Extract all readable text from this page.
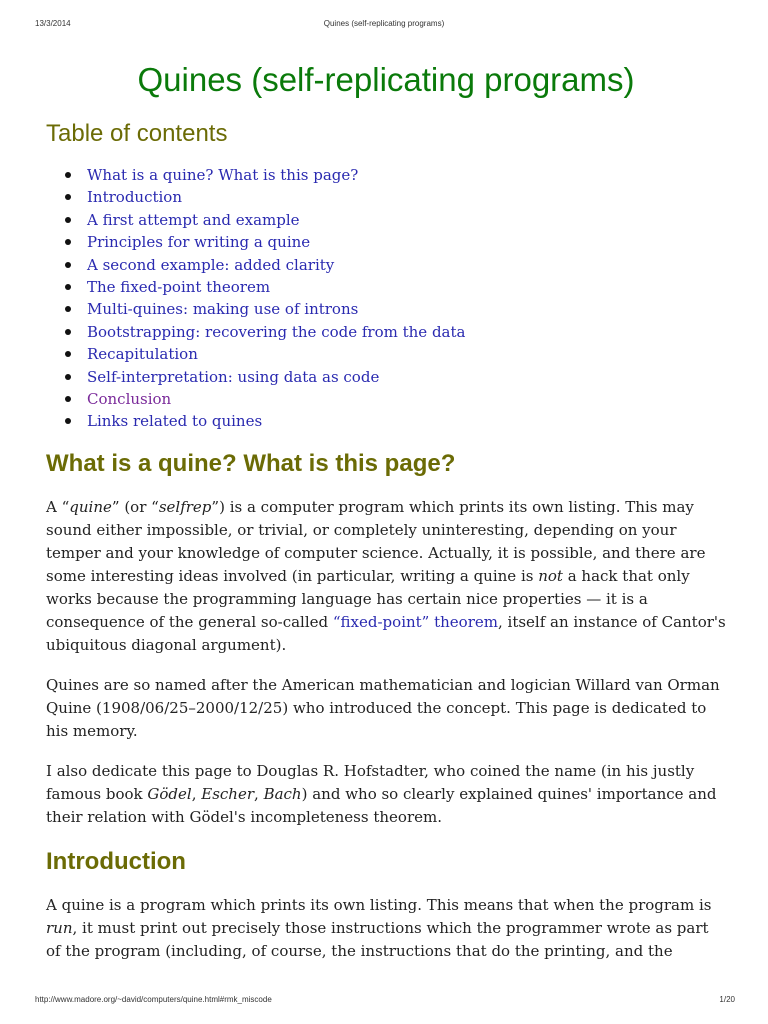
13/3/2014	Quines (self-replicating programs)
Quines (self-replicating programs)
Table of contents
What is a quine? What is this page?
Introduction
A first attempt and example
Principles for writing a quine
A second example: added clarity
The fixed-point theorem
Multi-quines: making use of introns
Bootstrapping: recovering the code from the data
Recapitulation
Self-interpretation: using data as code
Conclusion
Links related to quines
What is a quine? What is this page?

A “quine” (or “selfrep”) is a computer program which prints its own listing. This may sound either impossible, or trivial, or completely uninteresting, depending on your temper and your knowledge of computer science. Actually, it is possible, and there are some interesting ideas involved (in particular, writing a quine is not a hack that only works because the programming language has certain nice properties — it is a consequence of the general so-called “fixed-point” theorem, itself an instance of Cantor's ubiquitous diagonal argument).

Quines are so named after the American mathematician and logician Willard van Orman Quine (1908/06/25–2000/12/25) who introduced the concept. This page is dedicated to his memory.

I also dedicate this page to Douglas R. Hofstadter, who coined the name (in his justly famous book Gödel, Escher, Bach) and who so clearly explained quines' importance and their relation with Gödel's incompleteness theorem.

Introduction

A quine is a program which prints its own listing. This means that when the program is run, it must print out precisely those instructions which the programmer wrote as part of the program (including, of course, the instructions that do the printing, and the

http://www.madore.org/~david/computers/quine.html#rmk_miscode	1/20
